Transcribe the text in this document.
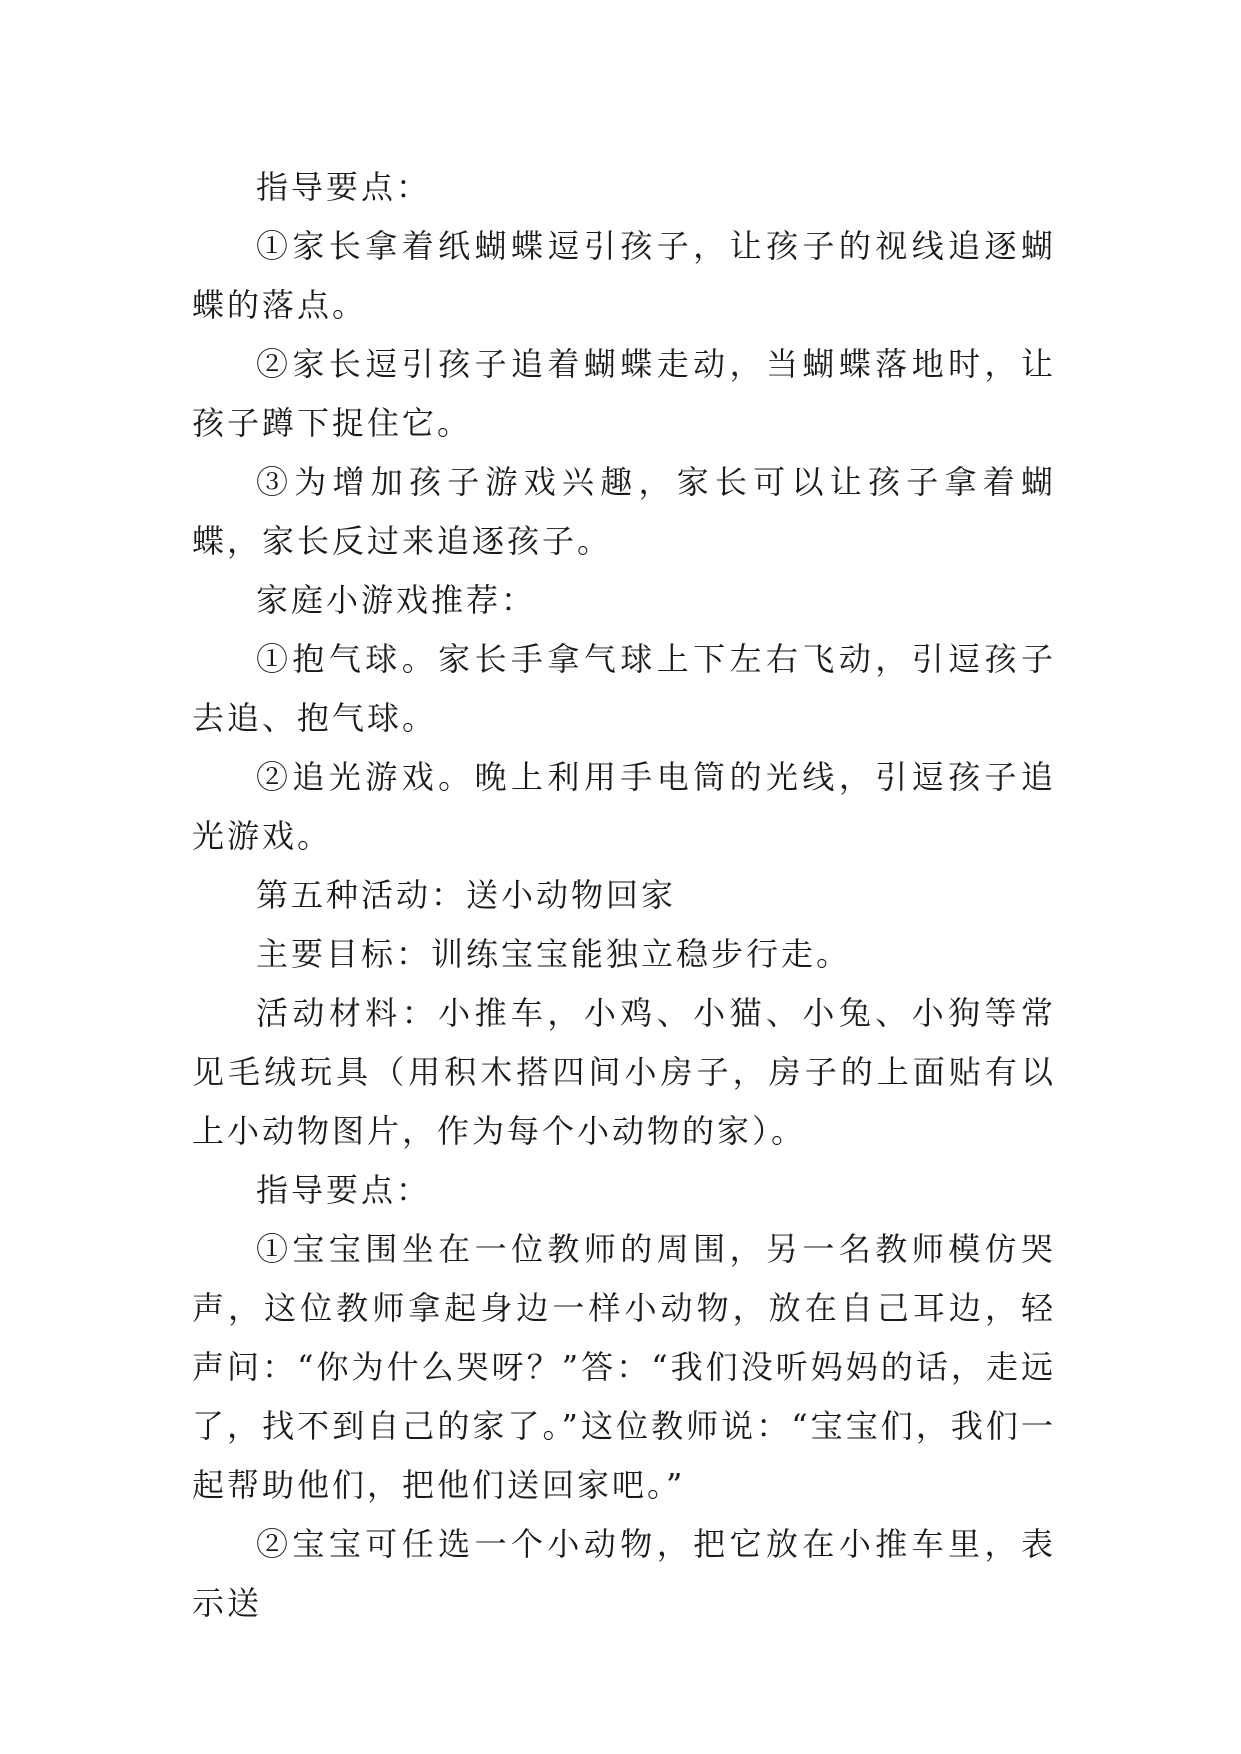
指导要点：

①家长拿着纸蝴蝶逗引孩子，让孩子的视线追逐蝴蝶的落点。

②家长逗引孩子追着蝴蝶走动，当蝴蝶落地时，让孩子蹲下捉住它。

③为增加孩子游戏兴趣，家长可以让孩子拿着蝴蝶，家长反过来追逐孩子。

家庭小游戏推荐：

①抱气球。家长手拿气球上下左右飞动，引逗孩子去追、抱气球。

②追光游戏。晚上利用手电筒的光线，引逗孩子追光游戏。

第五种活动：送小动物回家

主要目标：训练宝宝能独立稳步行走。

活动材料：小推车，小鸡、小猫、小兔、小狗等常见毛绒玩具（用积木搭四间小房子，房子的上面贴有以上小动物图片，作为每个小动物的家）。

指导要点：

①宝宝围坐在一位教师的周围，另一名教师模仿哭声，这位教师拿起身边一样小动物，放在自己耳边，轻声问：“你为什么哭呀？”答：“我们没听妈妈的话，走远了，找不到自己的家了。”这位教师说：“宝宝们，我们一起帮助他们，把他们送回家吧。”

②宝宝可任选一个小动物，把它放在小推车里，表示送
